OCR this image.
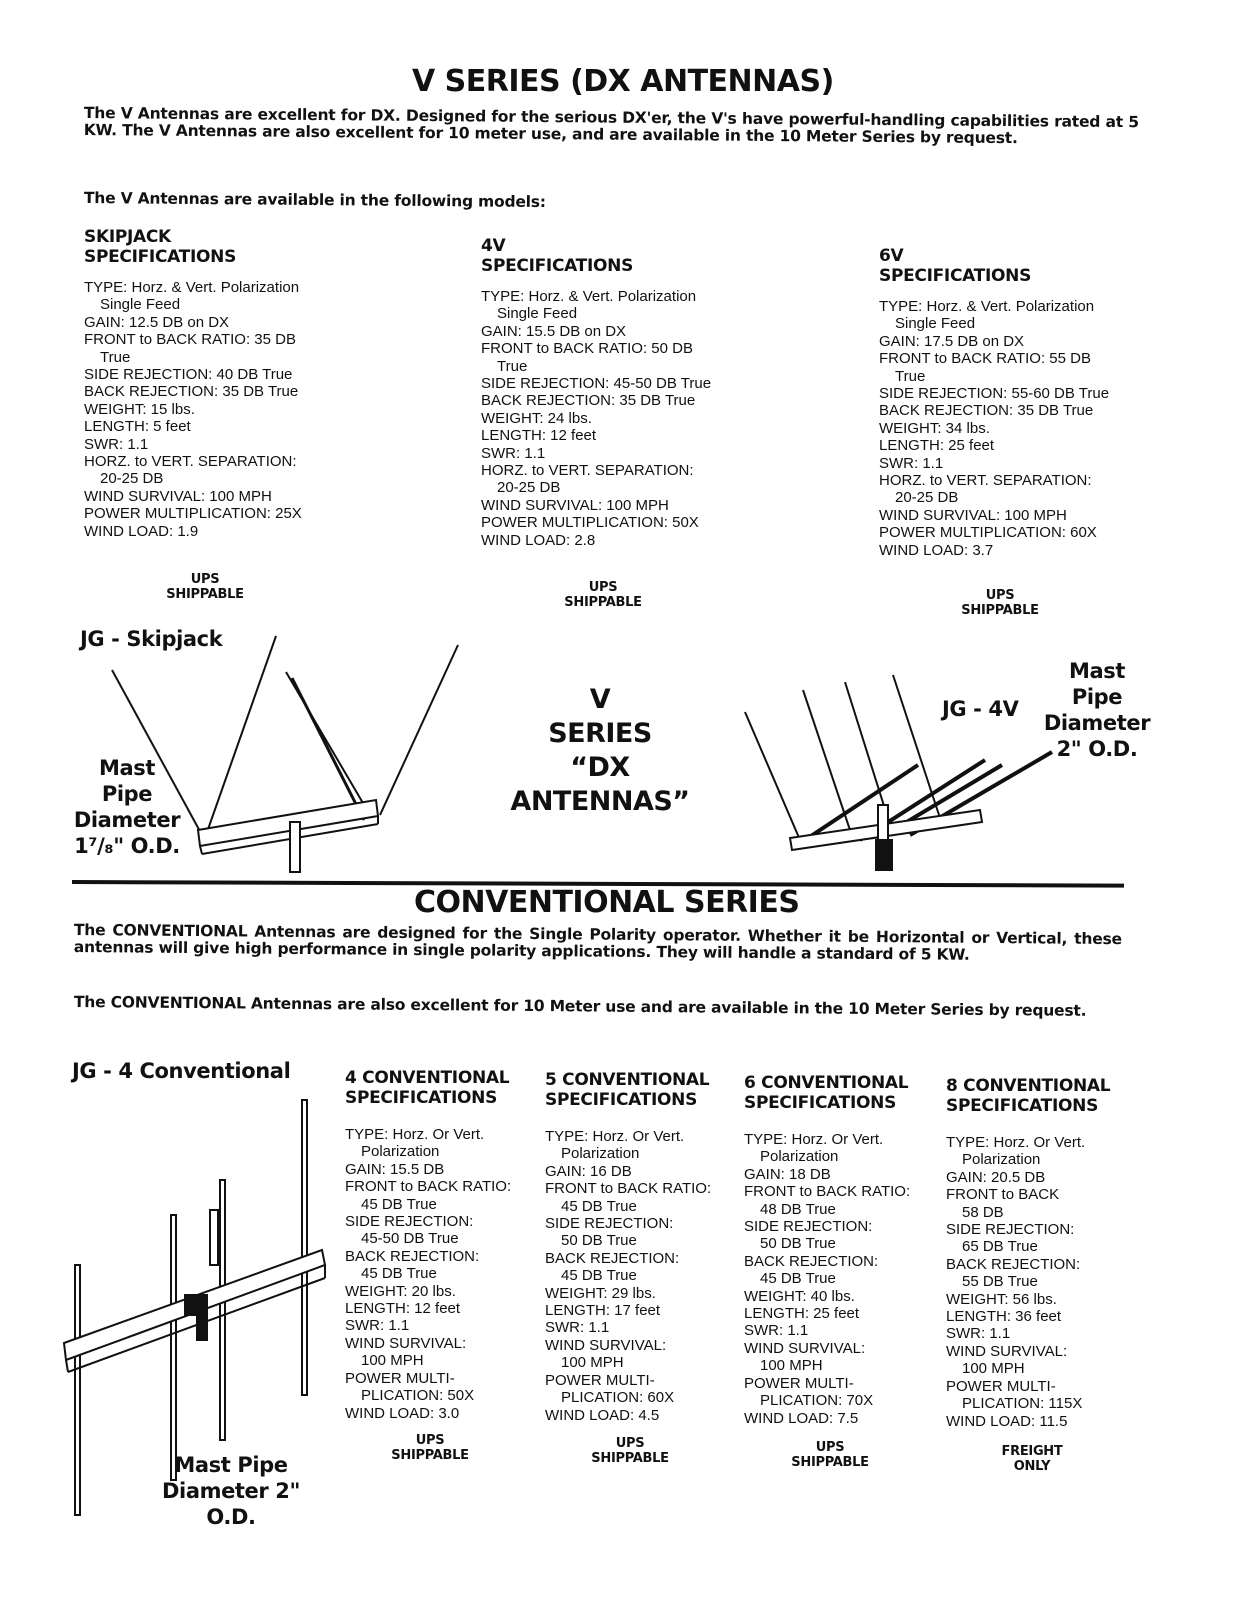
V SERIES (DX ANTENNAS)
The V Antennas are excellent for DX. Designed for the serious DX'er, the V's have powerful-handling capabilities rated at 5 KW. The V Antennas are also excellent for 10 meter use, and are available in the 10 Meter Series by request.
The V Antennas are available in the following models:
SKIPJACK
SPECIFICATIONS
TYPE: Horz. & Vert. Polarization
Single Feed
GAIN: 12.5 DB on DX
FRONT to BACK RATIO: 35 DB
True
SIDE REJECTION: 40 DB True
BACK REJECTION: 35 DB True
WEIGHT: 15 lbs.
LENGTH: 5 feet
SWR: 1.1
HORZ. to VERT. SEPARATION:
20-25 DB
WIND SURVIVAL: 100 MPH
POWER MULTIPLICATION: 25X
WIND LOAD: 1.9
UPS
SHIPPABLE
4V
SPECIFICATIONS
TYPE: Horz. & Vert. Polarization
Single Feed
GAIN: 15.5 DB on DX
FRONT to BACK RATIO: 50 DB
True
SIDE REJECTION: 45-50 DB True
BACK REJECTION: 35 DB True
WEIGHT: 24 lbs.
LENGTH: 12 feet
SWR: 1.1
HORZ. to VERT. SEPARATION:
20-25 DB
WIND SURVIVAL: 100 MPH
POWER MULTIPLICATION: 50X
WIND LOAD: 2.8
UPS
SHIPPABLE
6V
SPECIFICATIONS
TYPE: Horz. & Vert. Polarization
Single Feed
GAIN: 17.5 DB on DX
FRONT to BACK RATIO: 55 DB
True
SIDE REJECTION: 55-60 DB True
BACK REJECTION: 35 DB True
WEIGHT: 34 lbs.
LENGTH: 25 feet
SWR: 1.1
HORZ. to VERT. SEPARATION:
20-25 DB
WIND SURVIVAL: 100 MPH
POWER MULTIPLICATION: 60X
WIND LOAD: 3.7
UPS
SHIPPABLE
JG - Skipjack
Mast
Pipe
Diameter
1⁷/₈" O.D.
V
SERIES
“DX
ANTENNAS”
JG - 4V
Mast
Pipe
Diameter
2" O.D.
CONVENTIONAL SERIES
The CONVENTIONAL Antennas are designed for the Single Polarity operator. Whether it be Horizontal or Vertical, these antennas will give high performance in single polarity applications. They will handle a standard of 5 KW.
The CONVENTIONAL Antennas are also excellent for 10 Meter use and are available in the 10 Meter Series by request.
JG - 4 Conventional
Mast Pipe
Diameter 2" O.D.
4 CONVENTIONAL
SPECIFICATIONS
TYPE: Horz. Or Vert.
Polarization
GAIN: 15.5 DB
FRONT to BACK RATIO:
45 DB True
SIDE REJECTION:
45-50 DB True
BACK REJECTION:
45 DB True
WEIGHT: 20 lbs.
LENGTH: 12 feet
SWR: 1.1
WIND SURVIVAL:
100 MPH
POWER MULTI-
PLICATION: 50X
WIND LOAD: 3.0
UPS
SHIPPABLE
5 CONVENTIONAL
SPECIFICATIONS
TYPE: Horz. Or Vert.
Polarization
GAIN: 16 DB
FRONT to BACK RATIO:
45 DB True
SIDE REJECTION:
50 DB True
BACK REJECTION:
45 DB True
WEIGHT: 29 lbs.
LENGTH: 17 feet
SWR: 1.1
WIND SURVIVAL:
100 MPH
POWER MULTI-
PLICATION: 60X
WIND LOAD: 4.5
UPS
SHIPPABLE
6 CONVENTIONAL
SPECIFICATIONS
TYPE: Horz. Or Vert.
Polarization
GAIN: 18 DB
FRONT to BACK RATIO:
48 DB True
SIDE REJECTION:
50 DB True
BACK REJECTION:
45 DB True
WEIGHT: 40 lbs.
LENGTH: 25 feet
SWR: 1.1
WIND SURVIVAL:
100 MPH
POWER MULTI-
PLICATION: 70X
WIND LOAD: 7.5
UPS
SHIPPABLE
8 CONVENTIONAL
SPECIFICATIONS
TYPE: Horz. Or Vert.
Polarization
GAIN: 20.5 DB
FRONT to BACK
58 DB
SIDE REJECTION:
65 DB True
BACK REJECTION:
55 DB True
WEIGHT: 56 lbs.
LENGTH: 36 feet
SWR: 1.1
WIND SURVIVAL:
100 MPH
POWER MULTI-
PLICATION: 115X
WIND LOAD: 11.5
FREIGHT
ONLY
